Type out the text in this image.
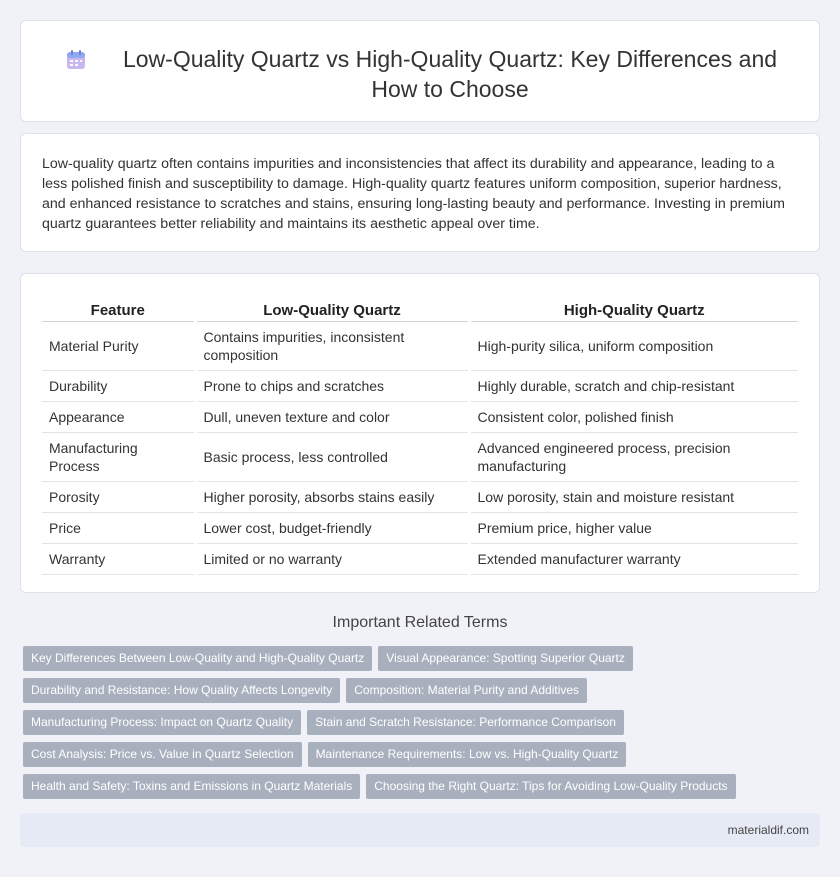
Low-Quality Quartz vs High-Quality Quartz: Key Differences and How to Choose

Low-quality quartz often contains impurities and inconsistencies that affect its durability and appearance, leading to a less polished finish and susceptibility to damage. High-quality quartz features uniform composition, superior hardness, and enhanced resistance to scratches and stains, ensuring long-lasting beauty and performance. Investing in premium quartz guarantees better reliability and maintains its aesthetic appeal over time.

Feature	Low-Quality Quartz	High-Quality Quartz
Material Purity	Contains impurities, inconsistent composition	High-purity silica, uniform composition
Durability	Prone to chips and scratches	Highly durable, scratch and chip-resistant
Appearance	Dull, uneven texture and color	Consistent color, polished finish
Manufacturing Process	Basic process, less controlled	Advanced engineered process, precision manufacturing
Porosity	Higher porosity, absorbs stains easily	Low porosity, stain and moisture resistant
Price	Lower cost, budget-friendly	Premium price, higher value
Warranty	Limited or no warranty	Extended manufacturer warranty
Important Related Terms
Key Differences Between Low-Quality and High-Quality Quartz Visual Appearance: Spotting Superior Quartz
Durability and Resistance: How Quality Affects Longevity Composition: Material Purity and Additives
Manufacturing Process: Impact on Quartz Quality Stain and Scratch Resistance: Performance Comparison
Cost Analysis: Price vs. Value in Quartz Selection Maintenance Requirements: Low vs. High-Quality Quartz
Health and Safety: Toxins and Emissions in Quartz Materials Choosing the Right Quartz: Tips for Avoiding Low-Quality Products
materialdif.com
